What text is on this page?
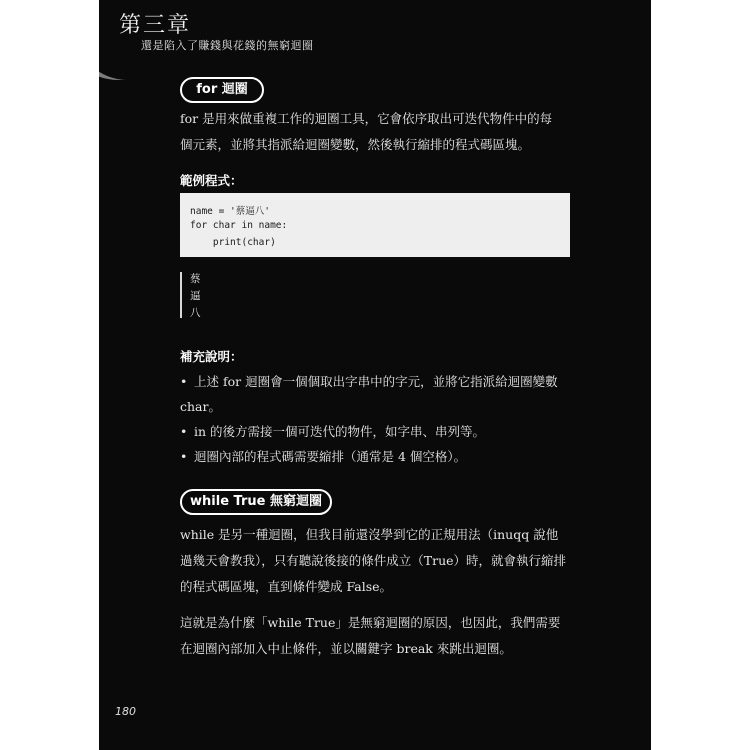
第三章
還是陷入了賺錢與花錢的無窮迴圈
for 迴圈
for 是用來做重複工作的迴圈工具，它會依序取出可迭代物件中的每
個元素，並將其指派給迴圈變數，然後執行縮排的程式碼區塊。
範例程式：
name = '蔡逼八'
for char in name:
print(char)
蔡
逼
八
補充說明：
• 上述 for 迴圈會一個個取出字串中的字元，並將它指派給迴圈變數
char。
• in 的後方需接一個可迭代的物件，如字串、串列等。
• 迴圈內部的程式碼需要縮排（通常是 4 個空格）。
while True 無窮迴圈
while 是另一種迴圈，但我目前還沒學到它的正規用法（inuqq 說他
過幾天會教我），只有聽說後接的條件成立（True）時，就會執行縮排
的程式碼區塊，直到條件變成 False。
這就是為什麼「while True」是無窮迴圈的原因，也因此，我們需要
在迴圈內部加入中止條件，並以關鍵字 break 來跳出迴圈。
180
